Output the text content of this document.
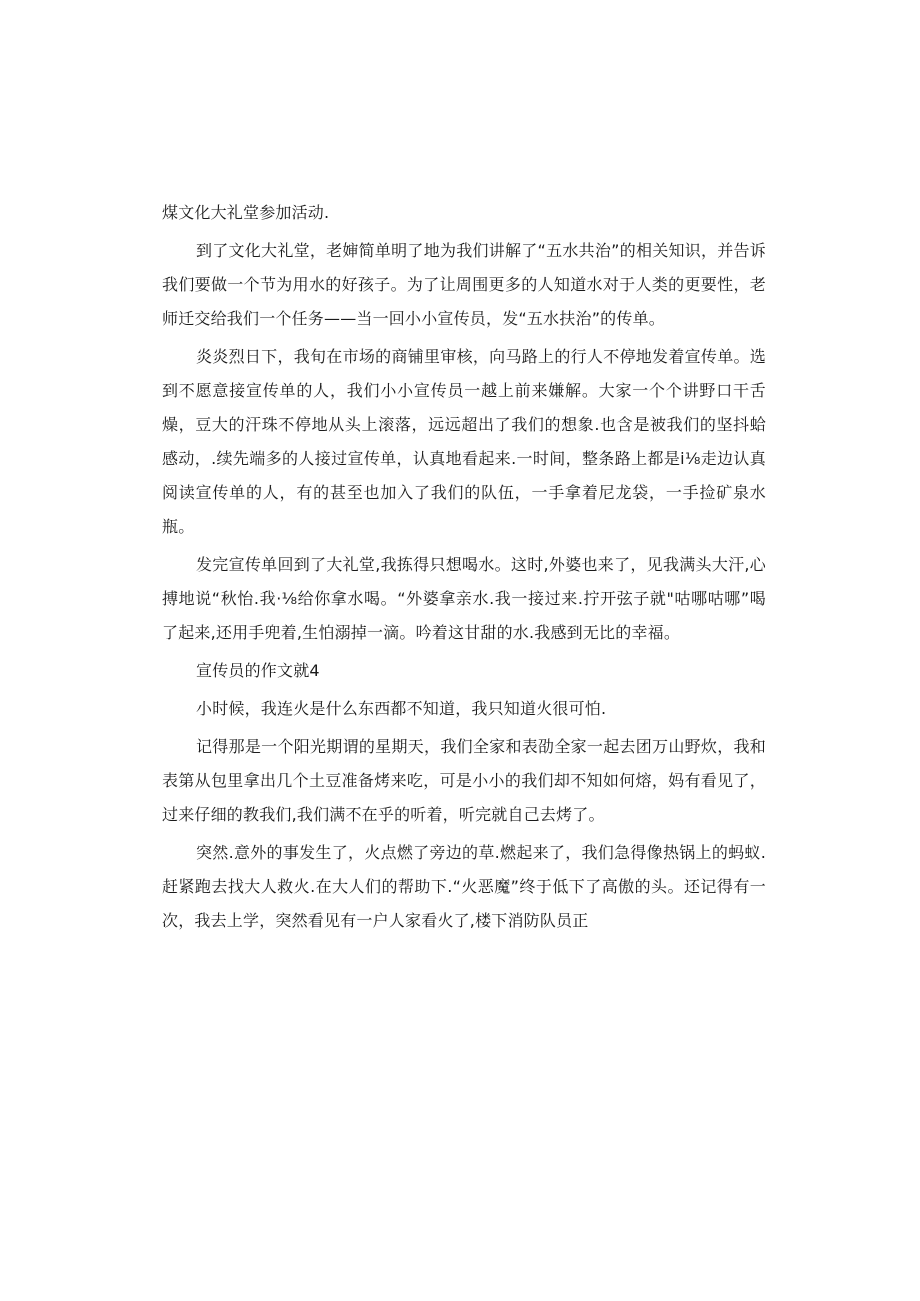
煤文化大礼堂参加活动.

到了文化大礼堂，老婶简单明了地为我们讲解了“五水共治”的相关知识，并告诉我们要做一个节为用水的好孩子。为了让周围更多的人知道水对于人类的更要性，老师迁交给我们一个任务——当一回小小宣传员，发“五水扶治”的传单。

炎炎烈日下，我旬在市场的商铺里审核，向马路上的行人不停地发着宣传单。选到不愿意接宣传单的人，我们小小宣传员一越上前来嫌解。大家一个个讲野口干舌燥，豆大的汗珠不停地从头上滚落，远远超出了我们的想象.也含是被我们的坚抖蛤感动，.续先端多的人接过宣传单，认真地看起来.一时间，整条路上都是i⅛走边认真阅读宣传单的人，有的甚至也加入了我们的队伍，一手拿着尼龙袋，一手捡矿泉水瓶。

发完宣传单回到了大礼堂,我拣得只想喝水。这时,外婆也来了，见我满头大汗,心搏地说“秋怡.我·⅛给你拿水喝。“外婆拿亲水.我一接过来.拧开弦子就"咕哪咕哪”喝了起来,还用手兜着,生怕溺掉一滴。吟着这甘甜的水.我感到无比的幸福。

宣传员的作文就4

小时候，我连火是什么东西都不知道，我只知道火很可怕.

记得那是一个阳光期谓的星期天，我们全家和表劭全家一起去团万山野炊，我和表第从包里拿出几个土豆准备烤来吃，可是小小的我们却不知如何熔，妈有看见了，过来仔细的教我们,我们满不在乎的听着，听完就自己去烤了。

突然.意外的事发生了，火点燃了旁边的草.燃起来了，我们急得像热锅上的蚂蚁.赶紧跑去找大人救火.在大人们的帮助下.“火恶魔”终于低下了高傲的头。还记得有一次，我去上学，突然看见有一户人家看火了,楼下消防队员正
